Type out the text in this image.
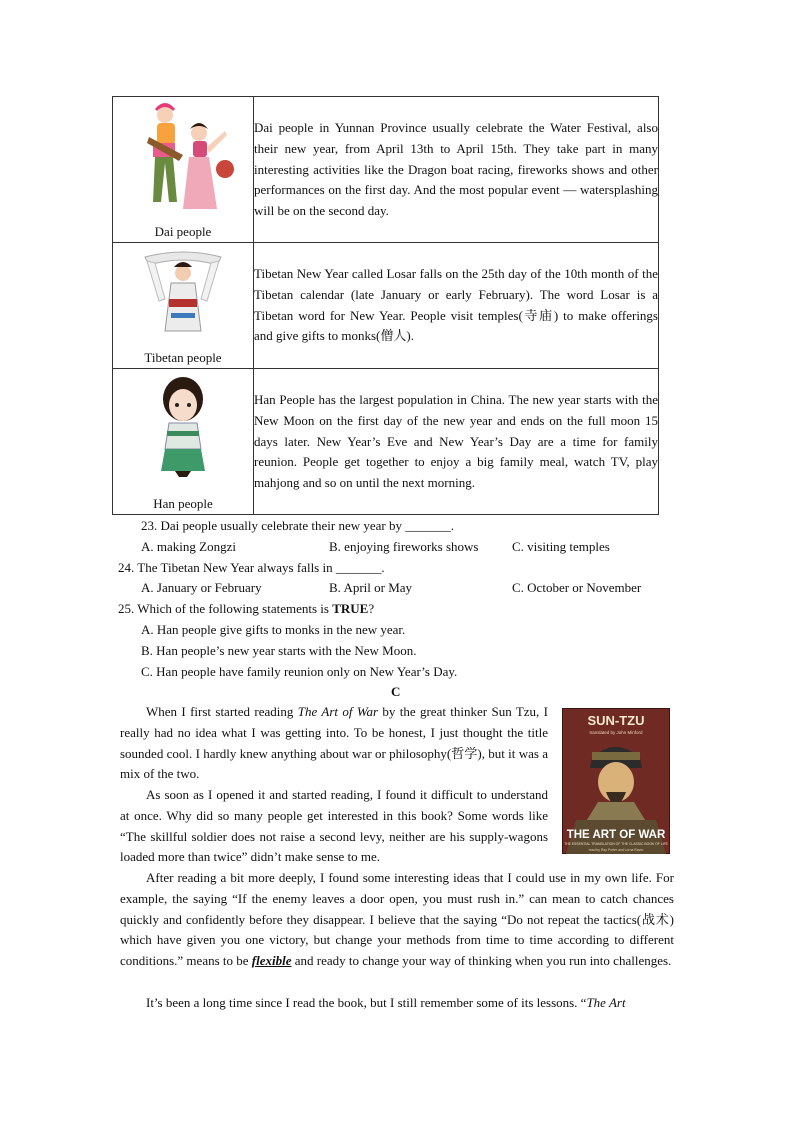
Dai people	Dai people in Yunnan Province usually celebrate the Water Festival, also their new year, from April 13th to April 15th. They take part in many interesting activities like the Dragon boat racing, fireworks shows and other performances on the first day. And the most popular event — watersplashing will be on the second day.

Tibetan people	Tibetan New Year called Losar falls on the 25th day of the 10th month of the Tibetan calendar (late January or early February). The word Losar is a Tibetan word for New Year. People visit temples(寺庙) to make offerings and give gifts to monks(僧人).

Han people	Han People has the largest population in China. The new year starts with the New Moon on the first day of the new year and ends on the full moon 15 days later. New Year’s Eve and New Year’s Day are a time for family reunion. People get together to enjoy a big family meal, watch TV, play mahjong and so on until the next morning.
23. Dai people usually celebrate their new year by _______.
A. making Zongzi	B. enjoying fireworks shows	C. visiting temples
24. The Tibetan New Year always falls in _______.
A. January or February	B. April or May	C. October or November
25. Which of the following statements is TRUE?
A. Han people give gifts to monks in the new year.
B. Han people’s new year starts with the New Moon.
C. Han people have family reunion only on New Year’s Day.
C
SUN-TZU
translated by John Minford
THE ART OF WAR
THE ESSENTIAL TRANSLATION OF THE CLASSIC BOOK OF LIFE
read by Ray Porter and Lorna Raver

When I first started reading The Art of War by the great thinker Sun Tzu, I really had no idea what I was getting into. To be honest, I just thought the title sounded cool. I hardly knew anything about war or philosophy(哲学), but it was a mix of the two.

As soon as I opened it and started reading, I found it difficult to understand at once. Why did so many people get interested in this book? Some words like “The skillful soldier does not raise a second levy, neither are his supply-wagons loaded more than twice” didn’t make sense to me.

After reading a bit more deeply, I found some interesting ideas that I could use in my own life. For example, the saying “If the enemy leaves a door open, you must rush in.” can mean to catch chances quickly and confidently before they disappear. I believe that the saying “Do not repeat the tactics(战术) which have given you one victory, but change your methods from time to time according to different conditions.” means to be flexible and ready to change your way of thinking when you run into challenges.

It’s been a long time since I read the book, but I still remember some of its lessons. “The Art
